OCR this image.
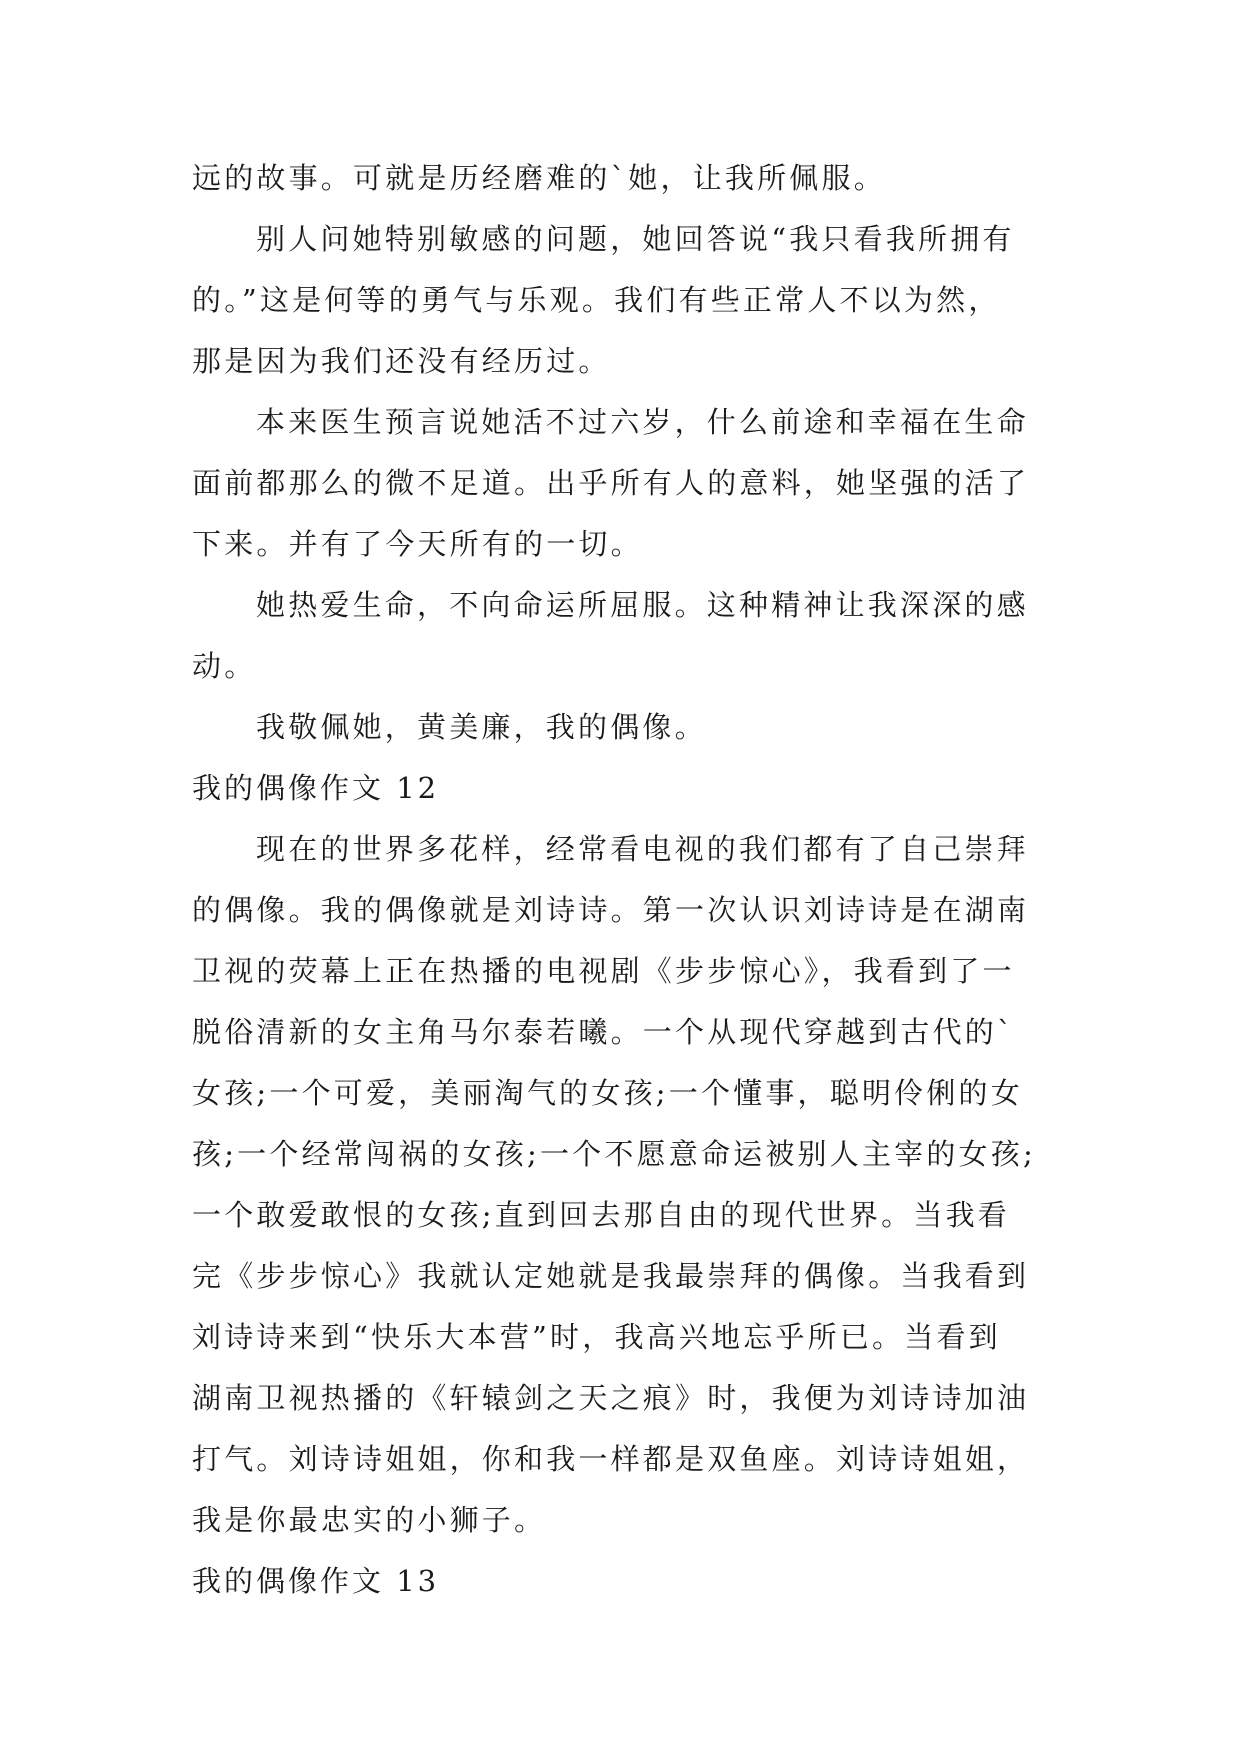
远的故事。可就是历经磨难的`她，让我所佩服。
别人问她特别敏感的问题，她回答说“我只看我所拥有
的。”这是何等的勇气与乐观。我们有些正常人不以为然，
那是因为我们还没有经历过。
本来医生预言说她活不过六岁，什么前途和幸福在生命
面前都那么的微不足道。出乎所有人的意料，她坚强的活了
下来。并有了今天所有的一切。
她热爱生命，不向命运所屈服。这种精神让我深深的感
动。
我敬佩她，黄美廉，我的偶像。
我的偶像作文 12
现在的世界多花样，经常看电视的我们都有了自己崇拜
的偶像。我的偶像就是刘诗诗。第一次认识刘诗诗是在湖南
卫视的荧幕上正在热播的电视剧《步步惊心》，我看到了一
脱俗清新的女主角马尔泰若曦。一个从现代穿越到古代的`
女孩;一个可爱，美丽淘气的女孩;一个懂事，聪明伶俐的女
孩;一个经常闯祸的女孩;一个不愿意命运被别人主宰的女孩;
一个敢爱敢恨的女孩;直到回去那自由的现代世界。当我看
完《步步惊心》我就认定她就是我最崇拜的偶像。当我看到
刘诗诗来到“快乐大本营”时，我高兴地忘乎所已。当看到
湖南卫视热播的《轩辕剑之天之痕》时，我便为刘诗诗加油
打气。刘诗诗姐姐，你和我一样都是双鱼座。刘诗诗姐姐，
我是你最忠实的小狮子。
我的偶像作文 13
